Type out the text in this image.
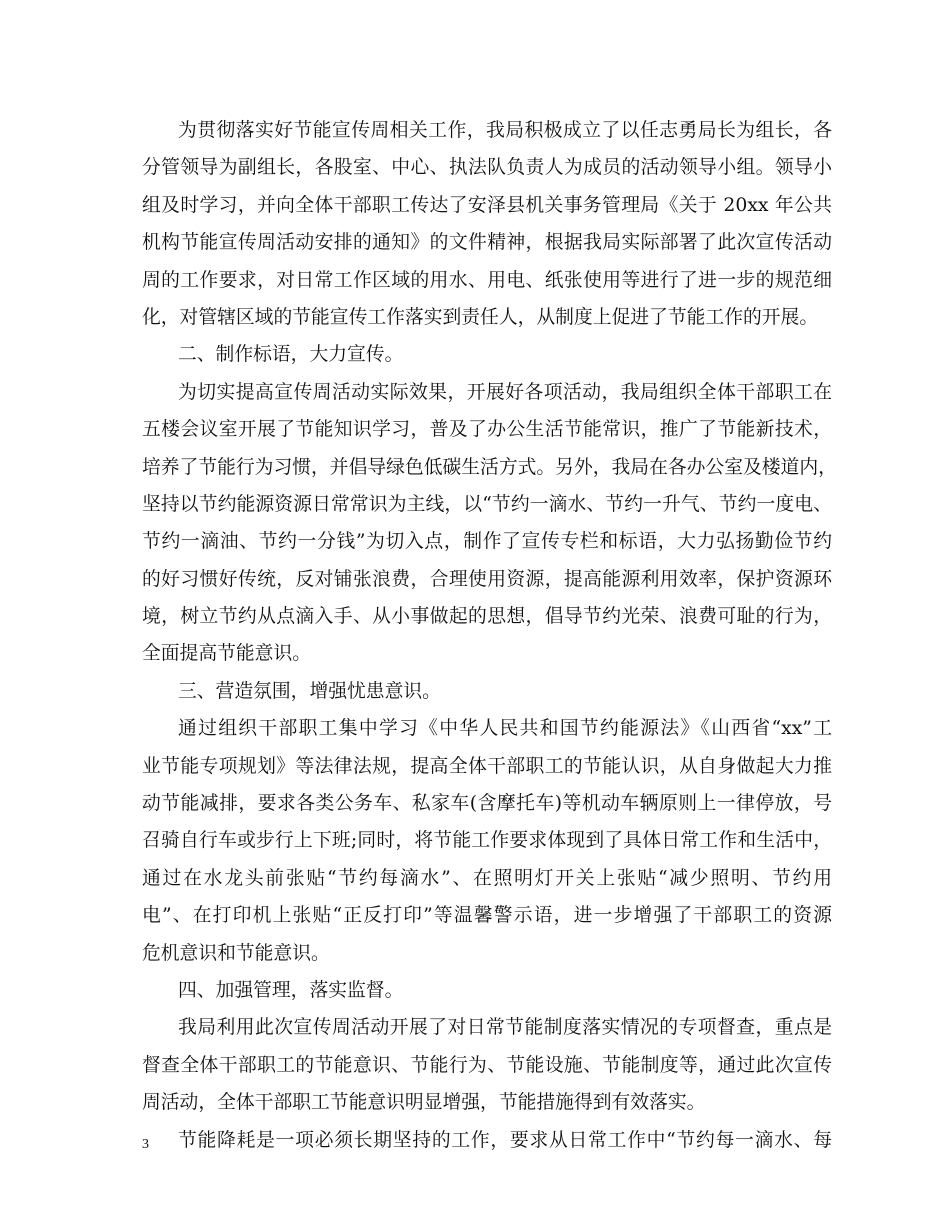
为贯彻落实好节能宣传周相关工作，我局积极成立了以任志勇局长为组长，各
分管领导为副组长，各股室、中心、执法队负责人为成员的活动领导小组。领导小
组及时学习，并向全体干部职工传达了安泽县机关事务管理局《关于 20xx 年公共
机构节能宣传周活动安排的通知》的文件精神，根据我局实际部署了此次宣传活动
周的工作要求，对日常工作区域的用水、用电、纸张使用等进行了进一步的规范细
化，对管辖区域的节能宣传工作落实到责任人，从制度上促进了节能工作的开展。
二、制作标语，大力宣传。
为切实提高宣传周活动实际效果，开展好各项活动，我局组织全体干部职工在
五楼会议室开展了节能知识学习，普及了办公生活节能常识，推广了节能新技术，
培养了节能行为习惯，并倡导绿色低碳生活方式。另外，我局在各办公室及楼道内，
坚持以节约能源资源日常常识为主线，以“节约一滴水、节约一升气、节约一度电、
节约一滴油、节约一分钱”为切入点，制作了宣传专栏和标语，大力弘扬勤俭节约
的好习惯好传统，反对铺张浪费，合理使用资源，提高能源利用效率，保护资源环
境，树立节约从点滴入手、从小事做起的思想，倡导节约光荣、浪费可耻的行为，
全面提高节能意识。
三、营造氛围，增强忧患意识。
通过组织干部职工集中学习《中华人民共和国节约能源法》《山西省“xx”工
业节能专项规划》等法律法规，提高全体干部职工的节能认识，从自身做起大力推
动节能减排，要求各类公务车、私家车(含摩托车)等机动车辆原则上一律停放，号
召骑自行车或步行上下班;同时，将节能工作要求体现到了具体日常工作和生活中，
通过在水龙头前张贴“节约每滴水”、在照明灯开关上张贴“减少照明、节约用
电”、在打印机上张贴“正反打印”等温馨警示语，进一步增强了干部职工的资源
危机意识和节能意识。
四、加强管理，落实监督。
我局利用此次宣传周活动开展了对日常节能制度落实情况的专项督查，重点是
督查全体干部职工的节能意识、节能行为、节能设施、节能制度等，通过此次宣传
周活动，全体干部职工节能意识明显增强，节能措施得到有效落实。
节能降耗是一项必须长期坚持的工作，要求从日常工作中“节约每一滴水、每
3
